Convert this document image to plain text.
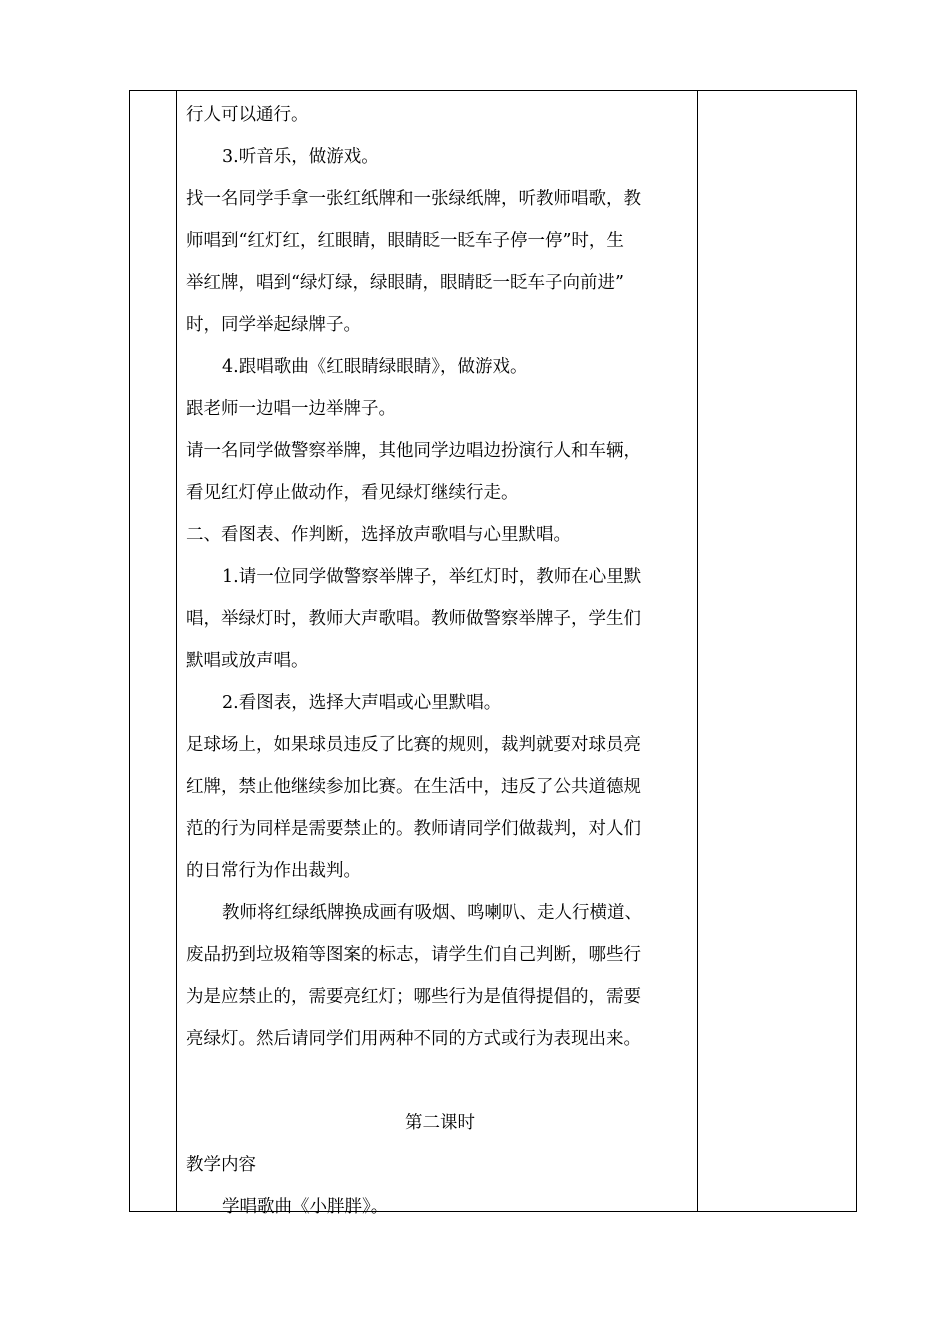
行人可以通行。

3.听音乐，做游戏。

找一名同学手拿一张红纸牌和一张绿纸牌，听教师唱歌，教

师唱到“红灯红，红眼睛，眼睛眨一眨车子停一停”时，生

举红牌，唱到“绿灯绿，绿眼睛，眼睛眨一眨车子向前进”

时，同学举起绿牌子。

4.跟唱歌曲《红眼睛绿眼睛》，做游戏。

跟老师一边唱一边举牌子。

请一名同学做警察举牌，其他同学边唱边扮演行人和车辆，

看见红灯停止做动作，看见绿灯继续行走。

二、看图表、作判断，选择放声歌唱与心里默唱。

1.请一位同学做警察举牌子，举红灯时，教师在心里默

唱，举绿灯时，教师大声歌唱。教师做警察举牌子，学生们

默唱或放声唱。

2.看图表，选择大声唱或心里默唱。

足球场上，如果球员违反了比赛的规则，裁判就要对球员亮

红牌，禁止他继续参加比赛。在生活中，违反了公共道德规

范的行为同样是需要禁止的。教师请同学们做裁判，对人们

的日常行为作出裁判。

教师将红绿纸牌换成画有吸烟、鸣喇叭、走人行横道、

废品扔到垃圾箱等图案的标志，请学生们自己判断，哪些行

为是应禁止的，需要亮红灯；哪些行为是值得提倡的，需要

亮绿灯。然后请同学们用两种不同的方式或行为表现出来。

第二课时

教学内容

学唱歌曲《小胖胖》。
